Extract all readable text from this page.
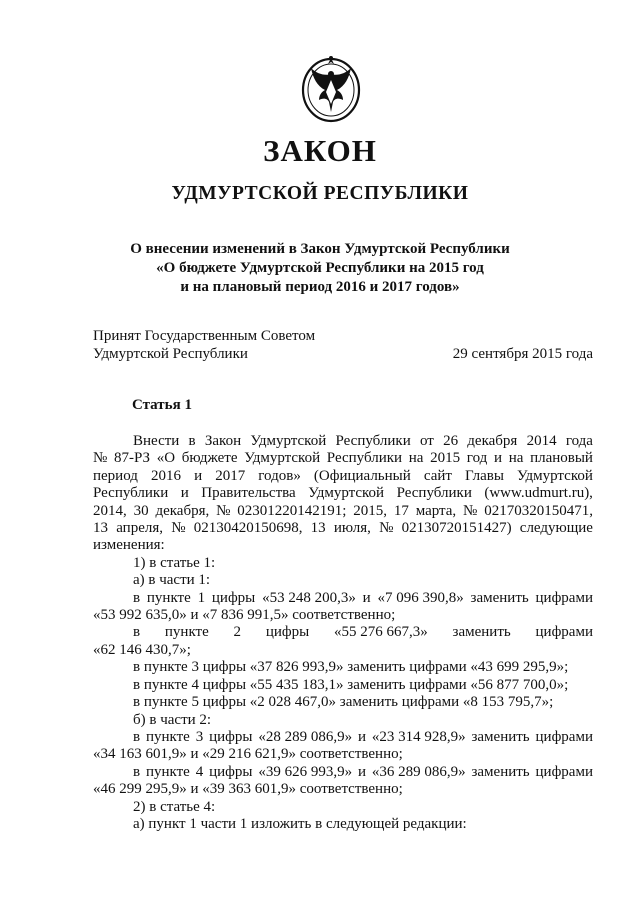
ЗАКОН
УДМУРТСКОЙ РЕСПУБЛИКИ
О внесении изменений в Закон Удмуртской Республики
«О бюджете Удмуртской Республики на 2015 год
и на плановый период 2016 и 2017 годов»
Принят Государственным Советом
Удмуртской Республики	29 сентября 2015 года
Статья 1
Внести в Закон Удмуртской Республики от 26 декабря 2014 года
№ 87-РЗ «О бюджете Удмуртской Республики на 2015 год и на плановый
период 2016 и 2017 годов» (Официальный сайт Главы Удмуртской
Республики и Правительства Удмуртской Республики (www.udmurt.ru),
2014, 30 декабря, № 02301220142191; 2015, 17 марта, № 02170320150471,
13 апреля, № 02130420150698, 13 июля, № 02130720151427) следующие
изменения:
1) в статье 1:
а) в части 1:
в пункте 1 цифры «53 248 200,3» и «7 096 390,8» заменить цифрами
«53 992 635,0» и «7 836 991,5» соответственно;
в пункте 2 цифры «55 276 667,3» заменить цифрами
«62 146 430,7»;
в пункте 3 цифры «37 826 993,9» заменить цифрами «43 699 295,9»;
в пункте 4 цифры «55 435 183,1» заменить цифрами «56 877 700,0»;
в пункте 5 цифры «2 028 467,0» заменить цифрами «8 153 795,7»;
б) в части 2:
в пункте 3 цифры «28 289 086,9» и «23 314 928,9» заменить цифрами
«34 163 601,9» и «29 216 621,9» соответственно;
в пункте 4 цифры «39 626 993,9» и «36 289 086,9» заменить цифрами
«46 299 295,9» и «39 363 601,9» соответственно;
2) в статье 4:
а) пункт 1 части 1 изложить в следующей редакции:
